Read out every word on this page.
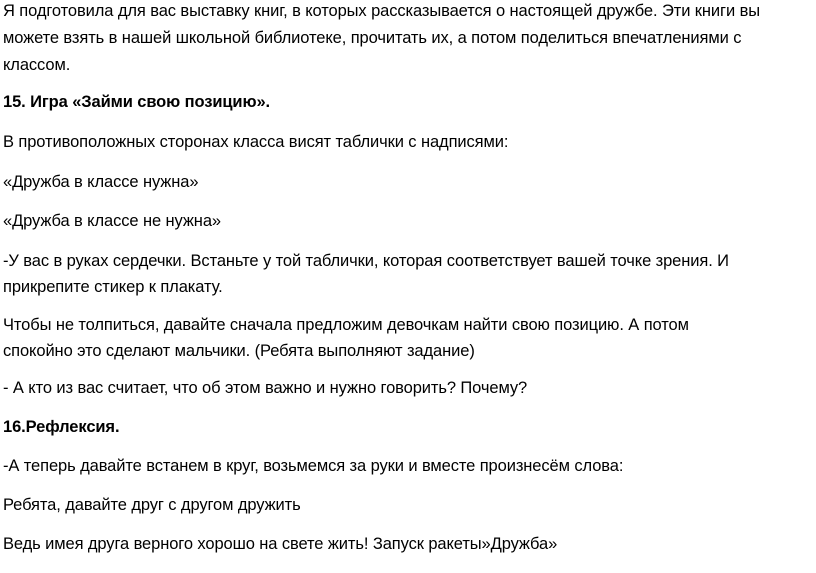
Я подготовила для вас выставку книг, в которых рассказывается о настоящей дружбе. Эти книги вы
можете взять в нашей школьной библиотеке, прочитать их, а потом поделиться впечатлениями с
классом.
15. Игра «Займи свою позицию».
В противоположных сторонах класса висят таблички с надписями:
«Дружба в классе нужна»
«Дружба в классе не нужна»
-У вас в руках сердечки. Встаньте у той таблички, которая соответствует вашей точке зрения. И
прикрепите стикер к плакату.
Чтобы не толпиться, давайте сначала предложим девочкам найти свою позицию. А потом
спокойно это сделают мальчики. (Ребята выполняют задание)
- А кто из вас считает, что об этом важно и нужно говорить? Почему?
16.Рефлексия.
-А теперь давайте встанем в круг, возьмемся за руки и вместе произнесём слова:
Ребята, давайте друг с другом дружить
Ведь имея друга верного хорошо на свете жить! Запуск ракеты»Дружба»
